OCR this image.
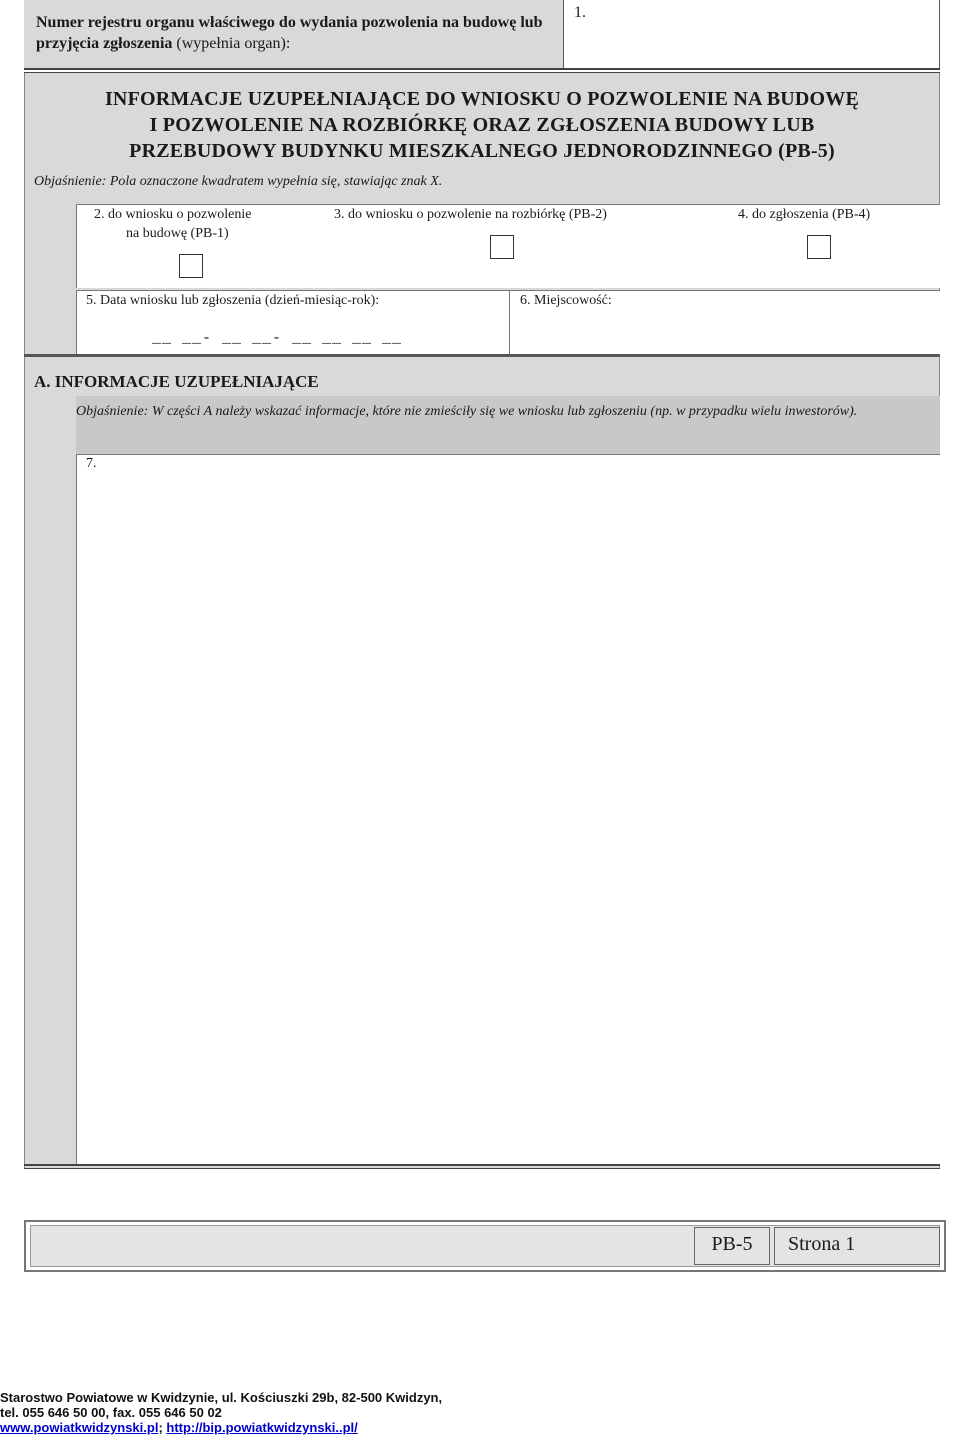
Numer rejestru organu właściwego do wydania pozwolenia na budowę lub przyjęcia zgłoszenia (wypełnia organ):
1.
INFORMACJE UZUPEŁNIAJĄCE DO WNIOSKU O POZWOLENIE NA BUDOWĘ
I POZWOLENIE NA ROZBIÓRKĘ ORAZ ZGŁOSZENIA BUDOWY LUB
PRZEBUDOWY BUDYNKU MIESZKALNEGO JEDNORODZINNEGO (PB-5)
Objaśnienie: Pola oznaczone kwadratem wypełnia się, stawiając znak X.
2. do wniosku o pozwolenie
na budowę (PB-1)
3. do wniosku o pozwolenie na rozbiórkę (PB-2)	4. do zgłoszenia (PB-4)
5. Data wniosku lub zgłoszenia (dzień-miesiąc-rok):
__ __- __ __- __ __ __ __
6. Miejscowość:
A. INFORMACJE UZUPEŁNIAJĄCE
Objaśnienie: W części A należy wskazać informacje, które nie zmieściły się we wniosku lub zgłoszeniu (np. w przypadku wielu inwestorów).
7.
PB-5	Strona 1
Starostwo Powiatowe w Kwidzynie, ul. Kościuszki 29b, 82-500 Kwidzyn,
tel. 055 646 50 00, fax. 055 646 50 02
www.powiatkwidzynski.pl; http://bip.powiatkwidzynski..pl/
